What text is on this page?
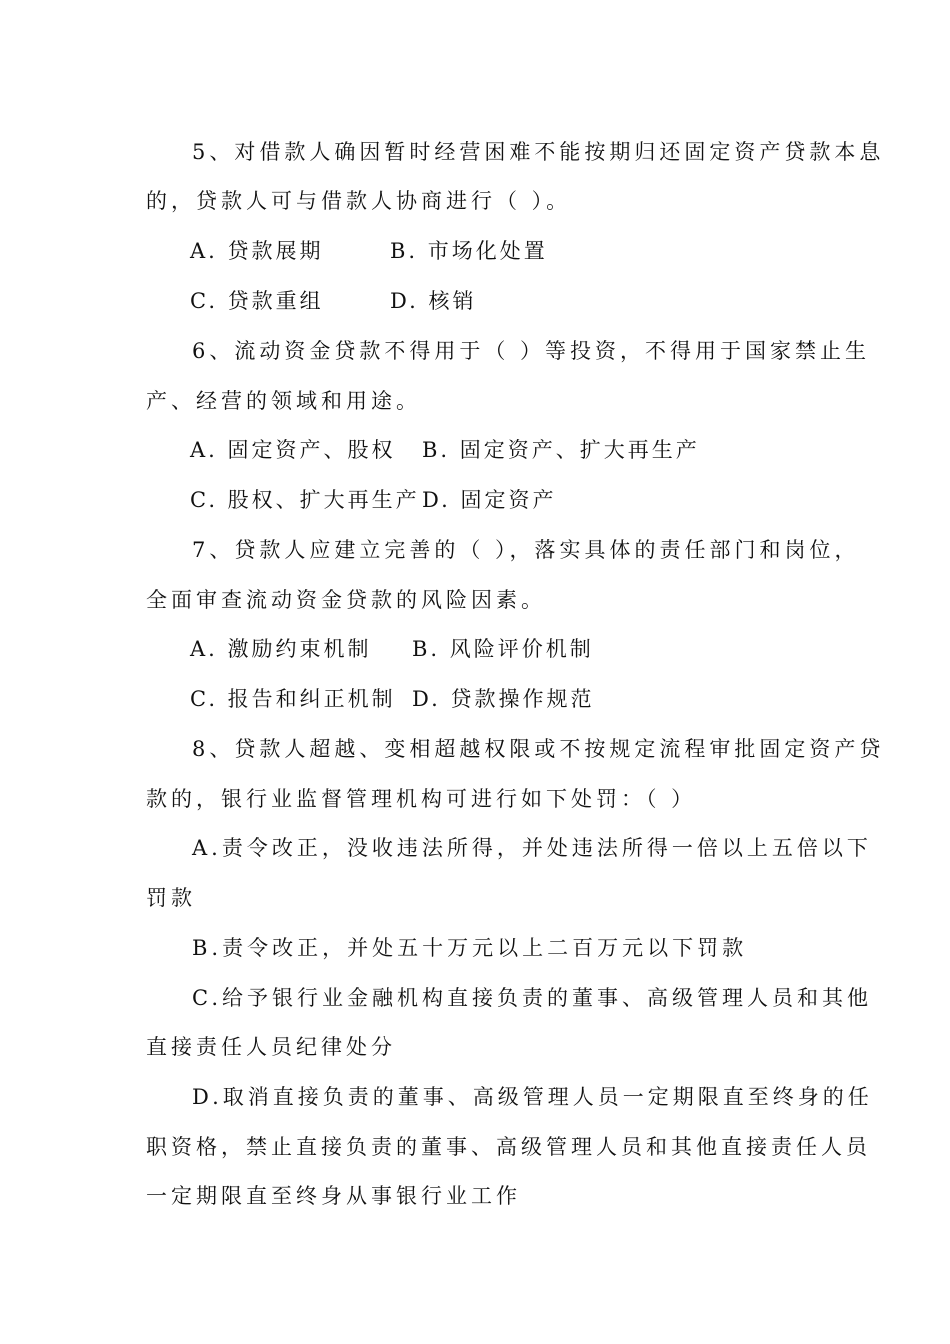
5、对借款人确因暂时经营困难不能按期归还固定资产贷款本息
的，贷款人可与借款人协商进行（ ）。
A. 贷款展期	B. 市场化处置
C. 贷款重组	D. 核销
6、流动资金贷款不得用于（ ）等投资，不得用于国家禁止生
产、经营的领域和用途。
A. 固定资产、股权 B. 固定资产、扩大再生产
C. 股权、扩大再生产 D. 固定资产
7、贷款人应建立完善的（ ），落实具体的责任部门和岗位，
全面审查流动资金贷款的风险因素。
A. 激励约束机制 B. 风险评价机制
C. 报告和纠正机制 D. 贷款操作规范
8、贷款人超越、变相超越权限或不按规定流程审批固定资产贷
款的，银行业监督管理机构可进行如下处罚：（ ）
A.责令改正，没收违法所得，并处违法所得一倍以上五倍以下
罚款
B.责令改正，并处五十万元以上二百万元以下罚款
C.给予银行业金融机构直接负责的董事、高级管理人员和其他
直接责任人员纪律处分
D.取消直接负责的董事、高级管理人员一定期限直至终身的任
职资格，禁止直接负责的董事、高级管理人员和其他直接责任人员
一定期限直至终身从事银行业工作
